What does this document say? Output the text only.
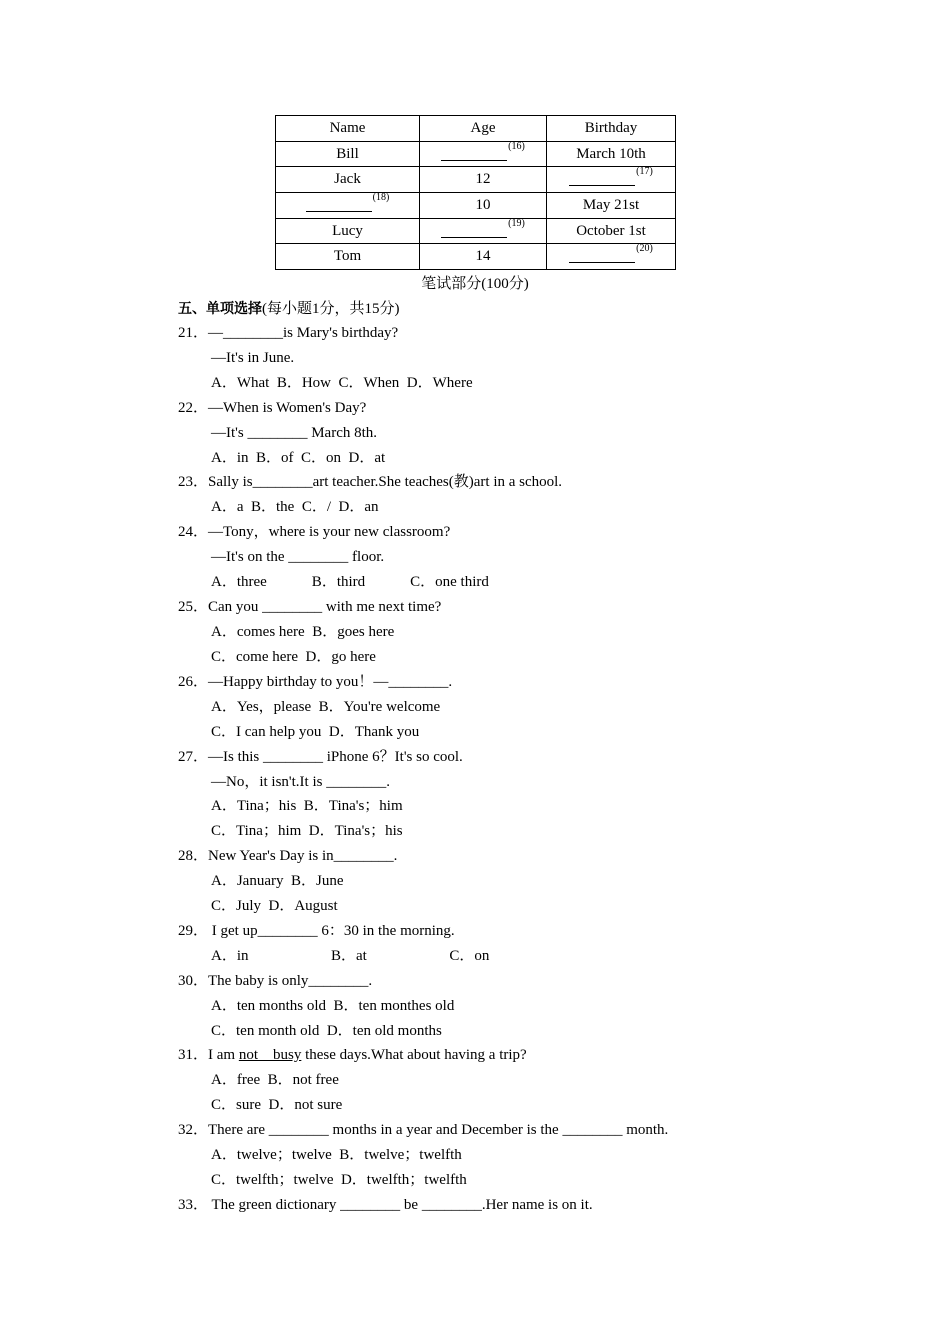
Name	Age	Birthday
Bill	$^{(16)}$	March 10th
Jack	12	$^{(17)}$
$^{(18)}$	10	May 21st
Lucy	$^{(19)}$	October 1st
Tom	14	$^{(20)}$
笔试部分(100分)
五、单项选择(每小题1分，共15分)
21．—________is Mary's birthday?
—It's in June.
A．What  B．How  C．When  D．Where
22．—When is Women's Day?
—It's ________ March 8th.
A．in  B．of  C．on  D．at
23．Sally is________art teacher.She teaches(教)art in a school.
A．a  B．the  C．/  D．an
24．—Tony，where is your new classroom?
—It's on the ________ floor.
A．three            B．third            C．one third
25．Can you ________ with me next time?
A．comes here  B．goes here
C．come here  D．go here
26．—Happy birthday to you！—________.
A．Yes，please  B．You're welcome
C．I can help you  D．Thank you
27．—Is this ________ iPhone 6？It's so cool.
—No，it isn't.It is ________.
A．Tina；his  B．Tina's；him
C．Tina；him  D．Tina's；his
28．New Year's Day is in________.
A．January  B．June
C．July  D．August
29． I get up________ 6：30 in the morning.
A．in                      B．at                      C．on
30．The baby is only________.
A．ten months old  B．ten monthes old
C．ten month old  D．ten old months
31．I am not    busy these days.What about having a trip?
A．free  B．not free
C．sure  D．not sure
32．There are ________ months in a year and December is the ________ month.
A．twelve；twelve  B．twelve；twelfth
C．twelfth；twelve  D．twelfth；twelfth
33． The green dictionary ________ be ________.Her name is on it.
